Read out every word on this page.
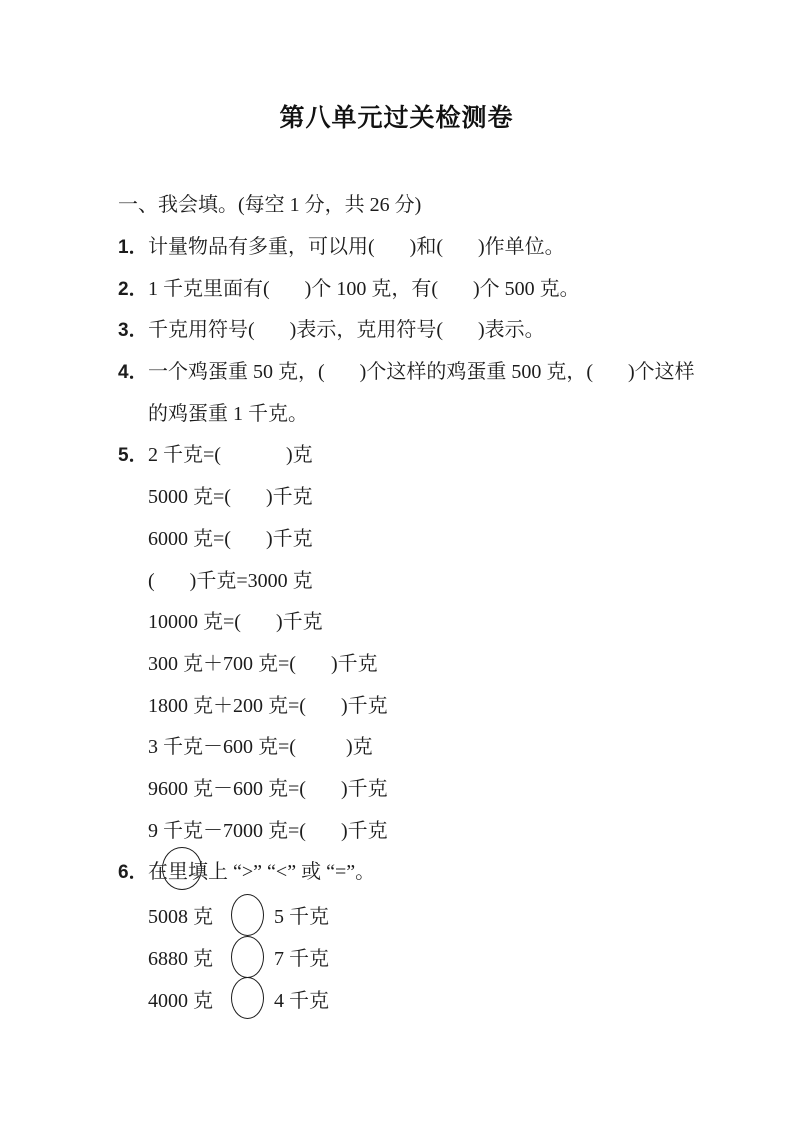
第八单元过关检测卷
一、我会填。(每空 1 分，共 26 分)
1．计量物品有多重，可以用(       )和(       )作单位。
2．1 千克里面有(       )个 100 克，有(       )个 500 克。
3．千克用符号(       )表示，克用符号(       )表示。
4．一个鸡蛋重 50 克，(       )个这样的鸡蛋重 500 克，(       )个这样
的鸡蛋重 1 千克。
5．2 千克=(             )克
5000 克=(       )千克
6000 克=(       )千克
(       )千克=3000 克
10000 克=(       )千克
300 克＋700 克=(       )千克
1800 克＋200 克=(       )千克
3 千克－600 克=(          )克
9600 克－600 克=(       )千克
9 千克－7000 克=(       )千克
6．在里填
上 “>” “<” 或 “=”。
5008 克	5 千克
6880 克	7 千克
4000 克	4 千克
